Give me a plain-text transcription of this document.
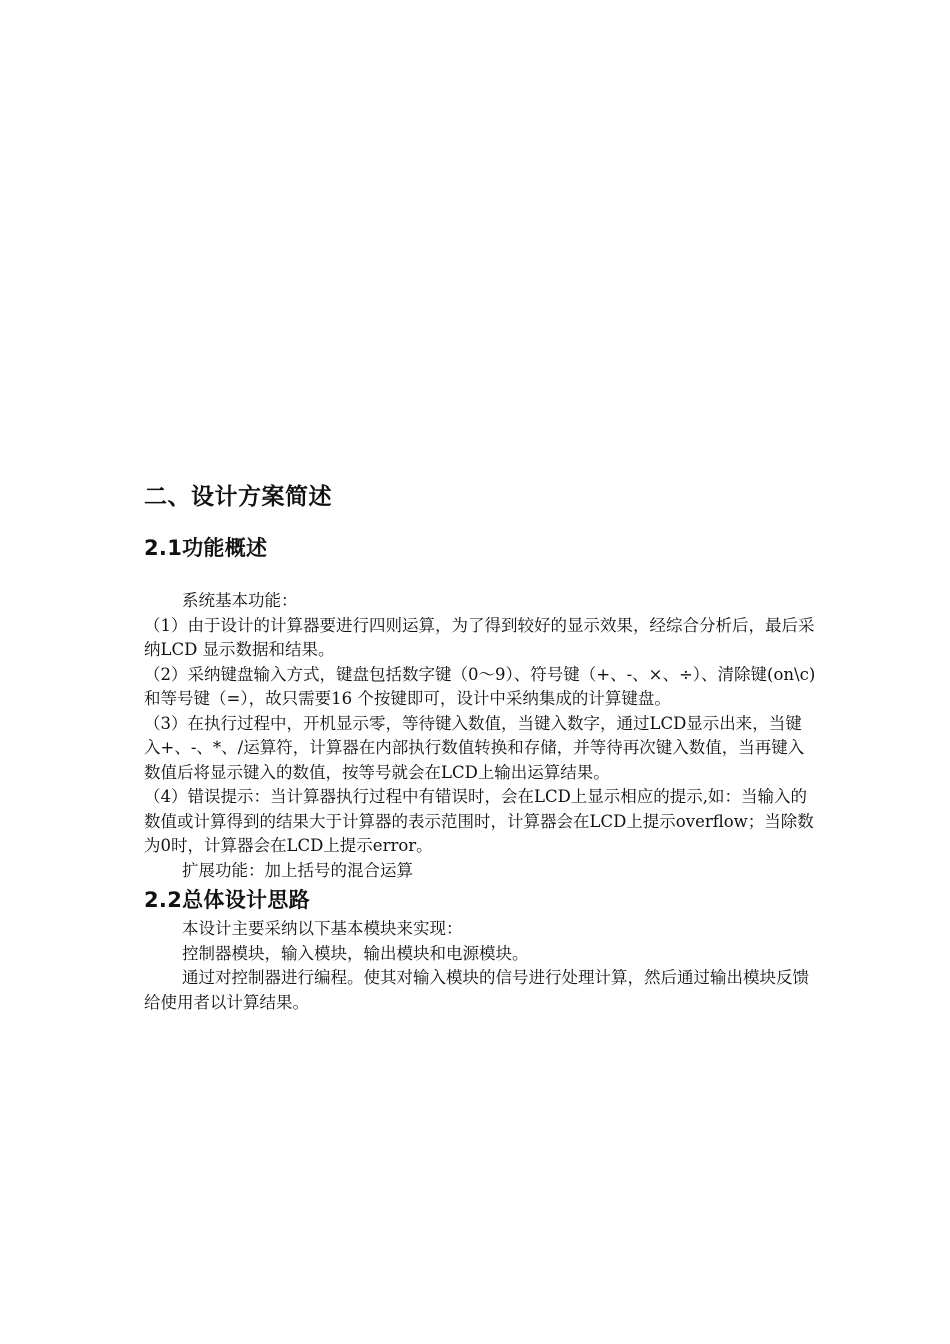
二、设计方案简述
2.1功能概述

系统基本功能：

（1）由于设计的计算器要进行四则运算，为了得到较好的显示效果，经综合分析后，最后采纳LCD 显示数据和结果。

（2）采纳键盘输入方式，键盘包括数字键（0～9）、符号键（+、-、×、÷）、清除键(on\c)和等号键（=），故只需要16 个按键即可，设计中采纳集成的计算键盘。

（3）在执行过程中，开机显示零，等待键入数值，当键入数字，通过LCD显示出来，当键入+、-、*、/运算符，计算器在内部执行数值转换和存储，并等待再次键入数值，当再键入数值后将显示键入的数值，按等号就会在LCD上输出运算结果。

（4）错误提示：当计算器执行过程中有错误时，会在LCD上显示相应的提示,如：当输入的数值或计算得到的结果大于计算器的表示范围时，计算器会在LCD上提示overflow；当除数为0时，计算器会在LCD上提示error。

扩展功能：加上括号的混合运算

2.2总体设计思路

本设计主要采纳以下基本模块来实现：

控制器模块，输入模块，输出模块和电源模块。

通过对控制器进行编程。使其对输入模块的信号进行处理计算，然后通过输出模块反馈给使用者以计算结果。
